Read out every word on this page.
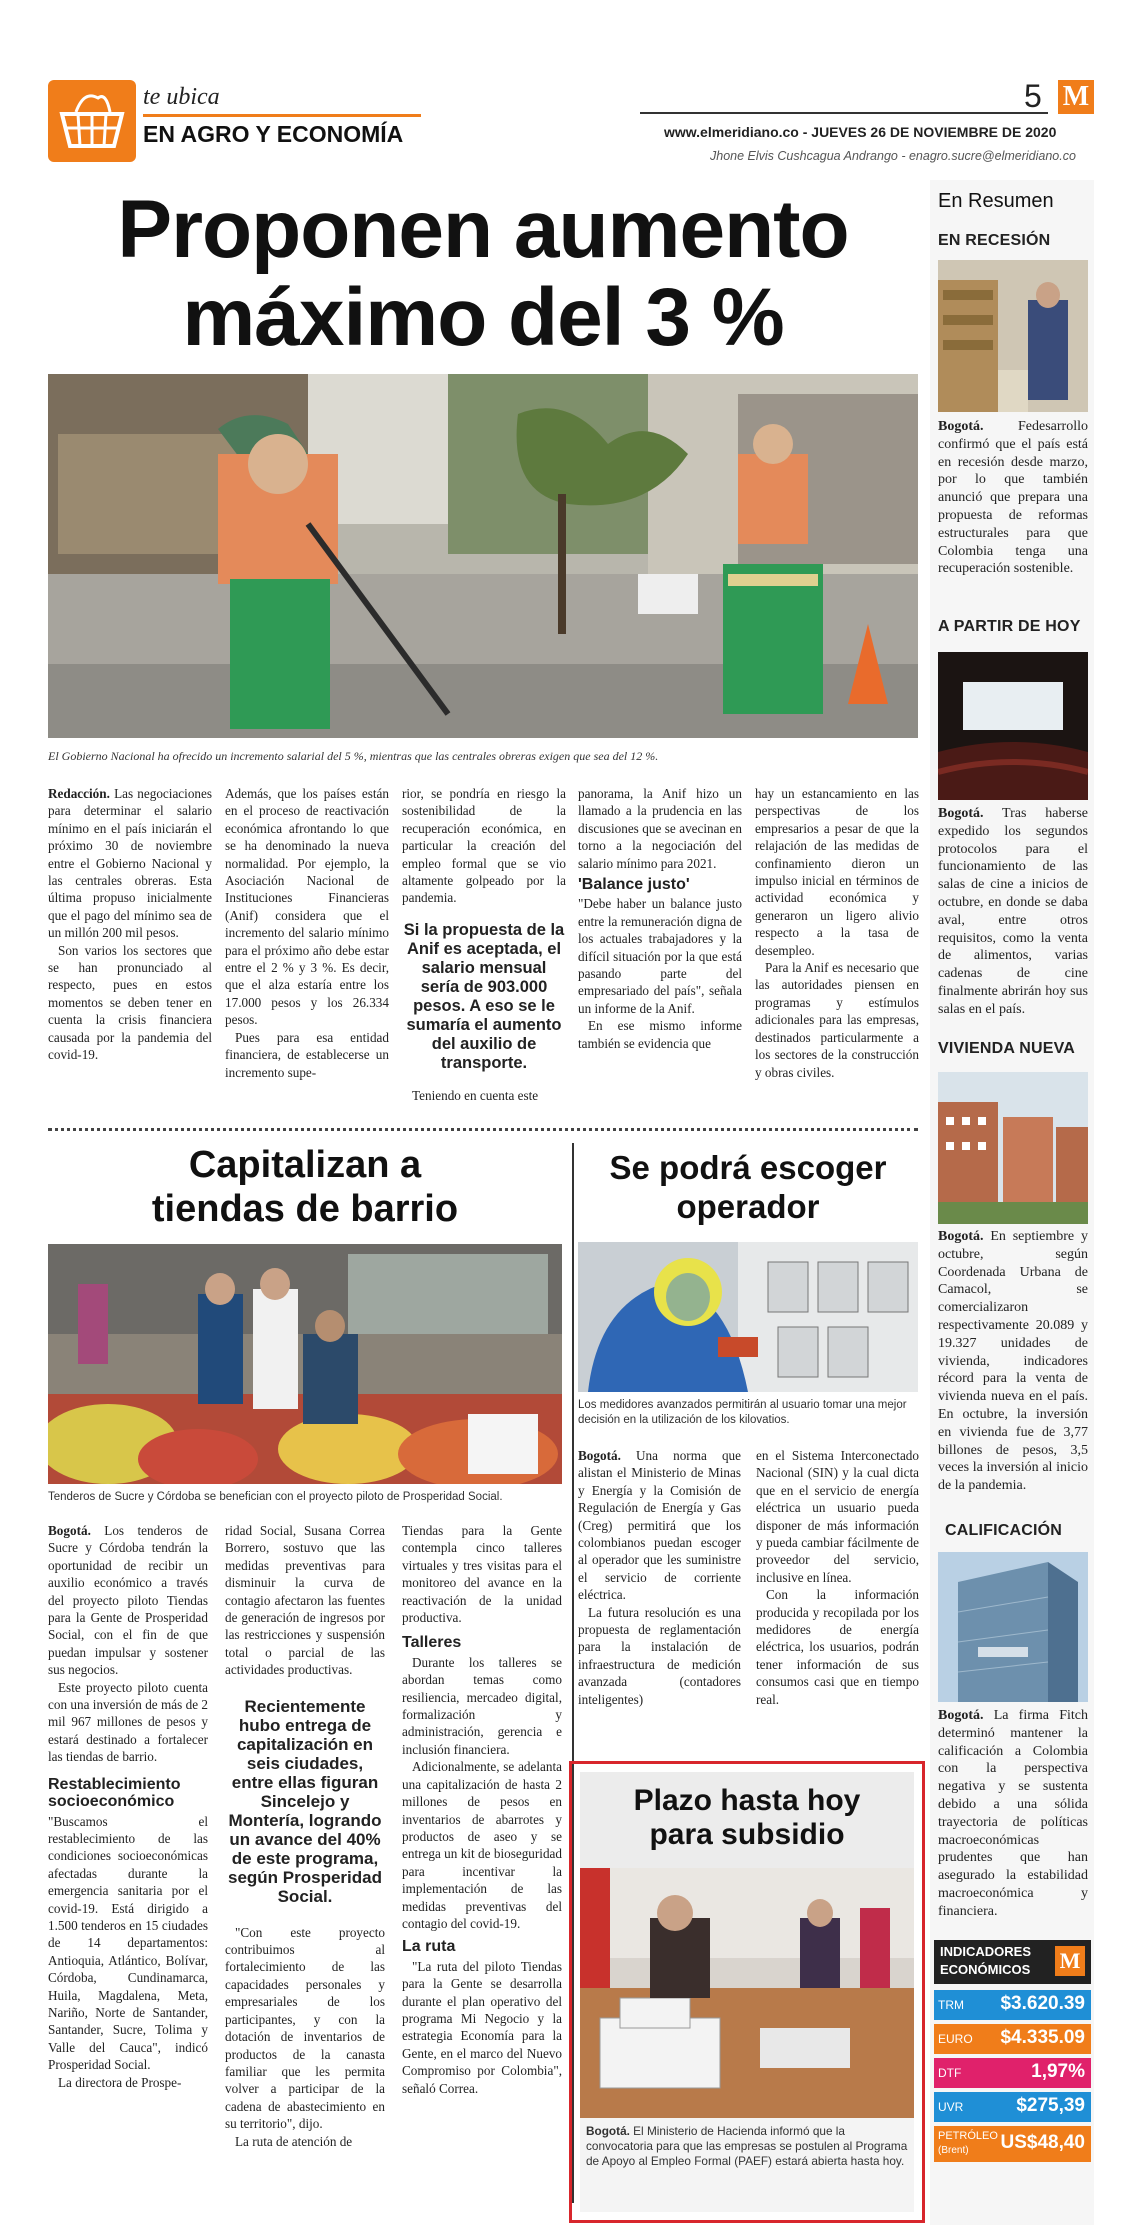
te ubica
EN AGRO Y ECONOMÍA
5 M
www.elmeridiano.co - JUEVES 26 DE NOVIEMBRE DE 2020
Jhone Elvis Cushcagua Andrango - enagro.sucre@elmeridiano.co
Proponen aumento
máximo del 3 %
El Gobierno Nacional ha ofrecido un incremento salarial del 5 %, mientras que las centrales obreras exigen que sea del 12 %.

Redacción. Las negociaciones para determinar el salario mínimo en el país iniciarán el próximo 30 de noviembre entre el Gobierno Nacional y las centrales obreras. Esta última propuso inicialmente que el pago del mínimo sea de un millón 200 mil pesos.

Son varios los sectores que se han pronunciado al respecto, pues en estos momentos se deben tener en cuenta la crisis financiera causada por la pandemia del covid-19.

Además, que los países están en el proceso de reactivación económica afrontando lo que se ha denominado la nueva normalidad. Por ejemplo, la Asociación Nacional de Instituciones Financieras (Anif) considera que el incremento del salario mínimo para el próximo año debe estar entre el 2 % y 3 %. Es decir, que el alza estaría entre los 17.000 pesos y los 26.334 pesos.

Pues para esa entidad financiera, de establecerse un incremento supe-

rior, se pondría en riesgo la sostenibilidad de la recuperación económica, en particular la creación del empleo formal que se vio altamente golpeado por la pandemia.

Si la propuesta de la Anif es aceptada, el salario mensual sería de 903.000 pesos. A eso se le sumaría el aumento del auxilio de transporte.

Teniendo en cuenta este

panorama, la Anif hizo un llamado a la prudencia en las discusiones que se avecinan en torno a la negociación del salario mínimo para 2021.

'Balance justo'

"Debe haber un balance justo entre la remuneración digna de los actuales trabajadores y la difícil situación por la que está pasando parte del empresariado del país", señala un informe de la Anif.

En ese mismo informe también se evidencia que

hay un estancamiento en las perspectivas de los empresarios a pesar de que la relajación de las medidas de confinamiento dieron un impulso inicial en términos de actividad económica y generaron un ligero alivio respecto a la tasa de desempleo.

Para la Anif es necesario que las autoridades piensen en programas y estímulos adicionales para las empresas, destinados particularmente a los sectores de la construcción y obras civiles.

Capitalizan a
tiendas de barrio
Tenderos de Sucre y Córdoba se benefician con el proyecto piloto de Prosperidad Social.

Bogotá. Los tenderos de Sucre y Córdoba tendrán la oportunidad de recibir un auxilio económico a través del proyecto piloto Tiendas para la Gente de Prosperidad Social, con el fin de que puedan impulsar y sostener sus negocios.

Este proyecto piloto cuenta con una inversión de más de 2 mil 967 millones de pesos y estará destinado a fortalecer las tiendas de barrio.

Restablecimiento socioeconómico

"Buscamos el restablecimiento de las condiciones socioeconómicas afectadas durante la emergencia sanitaria por el covid-19. Está dirigido a 1.500 tenderos en 15 ciudades de 14 departamentos: Antioquia, Atlántico, Bolívar, Córdoba, Cundinamarca, Huila, Magdalena, Meta, Nariño, Norte de Santander, Santander, Sucre, Tolima y Valle del Cauca", indicó Prosperidad Social.

La directora de Prospe-

ridad Social, Susana Correa Borrero, sostuvo que las medidas preventivas para disminuir la curva de contagio afectaron las fuentes de generación de ingresos por las restricciones y suspensión total o parcial de las actividades productivas.

Recientemente hubo entrega de capitalización en seis ciudades, entre ellas figuran Sincelejo y Montería, logrando un avance del 40% de este programa, según Prosperidad Social.

"Con este proyecto contribuimos al fortalecimiento de las capacidades personales y empresariales de los participantes, y con la dotación de inventarios de productos de la canasta familiar que les permita volver a participar de la cadena de abastecimiento en su territorio", dijo.

La ruta de atención de

Tiendas para la Gente contempla cinco talleres virtuales y tres visitas para el monitoreo del avance en la reactivación de la unidad productiva.

Talleres

Durante los talleres se abordan temas como resiliencia, mercadeo digital, formalización y administración, gerencia e inclusión financiera.

Adicionalmente, se adelanta una capitalización de hasta 2 millones de pesos en inventarios de abarrotes y productos de aseo y se entrega un kit de bioseguridad para incentivar la implementación de las medidas preventivas del contagio del covid-19.

La ruta

"La ruta del piloto Tiendas para la Gente se desarrolla durante el plan operativo del programa Mi Negocio y la estrategia Economía para la Gente, en el marco del Nuevo Compromiso por Colombia", señaló Correa.

Se podrá escoger
operador
Los medidores avanzados permitirán al usuario tomar una mejor decisión en la utilización de los kilovatios.

Bogotá. Una norma que alistan el Ministerio de Minas y Energía y la Comisión de Regulación de Energía y Gas (Creg) permitirá que los colombianos puedan escoger al operador que les suministre el servicio de corriente eléctrica.

La futura resolución es una propuesta de reglamentación para la instalación de infraestructura de medición avanzada (contadores inteligentes)

en el Sistema Interconectado Nacional (SIN) y la cual dicta que en el servicio de energía eléctrica un usuario pueda disponer de más información y pueda cambiar fácilmente de proveedor del servicio, inclusive en línea.

Con la información producida y recopilada por los medidores de energía eléctrica, los usuarios, podrán tener información de sus consumos casi que en tiempo real.

Plazo hasta hoy
para subsidio
Bogotá. El Ministerio de Hacienda informó que la convocatoria para que las empresas se postulen al Programa de Apoyo al Empleo Formal (PAEF) estará abierta hasta hoy.
En Resumen
EN RECESIÓN
Bogotá. Fedesarrollo confirmó que el país está en recesión desde marzo, por lo que también anunció que prepara una propuesta de reformas estructurales para que Colombia tenga una recuperación sostenible.
A PARTIR DE HOY
Bogotá. Tras haberse expedido los segundos protocolos para el funcionamiento de las salas de cine a inicios de octubre, en donde se daba aval, entre otros requisitos, como la venta de alimentos, varias cadenas de cine finalmente abrirán hoy sus salas en el país.
VIVIENDA NUEVA
Bogotá. En septiembre y octubre, según Coordenada Urbana de Camacol, se comercializaron respectivamente 20.089 y 19.327 unidades de vivienda, indicadores récord para la venta de vivienda nueva en el país. En octubre, la inversión en vivienda fue de 3,77 billones de pesos, 3,5 veces la inversión al inicio de la pandemia.
CALIFICACIÓN
Bogotá. La firma Fitch determinó mantener la calificación a Colombia con la perspectiva negativa y se sustenta debido a una sólida trayectoria de políticas macroeconómicas prudentes que han asegurado la estabilidad macroeconómica y financiera.
INDICADORES
ECONÓMICOS M
TRM $3.620.39
EURO $4.335.09
DTF	1,97%
UVR	$275,39
PETRÓLEO
(Brent) US$48,40
